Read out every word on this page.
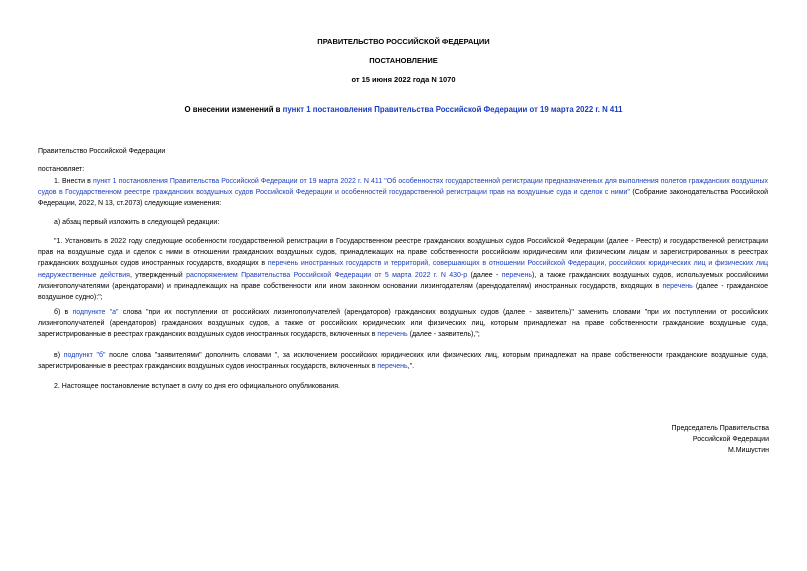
ПРАВИТЕЛЬСТВО РОССИЙСКОЙ ФЕДЕРАЦИИ
ПОСТАНОВЛЕНИЕ
от 15 июня 2022 года N 1070
О внесении изменений в пункт 1 постановления Правительства Российской Федерации от 19 марта 2022 г. N 411
Правительство Российской Федерации
постановляет:
1. Внести в пункт 1 постановления Правительства Российской Федерации от 19 марта 2022 г. N 411 "Об особенностях государственной регистрации предназначенных для выполнения полетов гражданских воздушных судов в Государственном реестре гражданских воздушных судов Российской Федерации и особенностей государственной регистрации прав на воздушные суда и сделок с ними" (Собрание законодательства Российской Федерации, 2022, N 13, ст.2073) следующие изменения:
а) абзац первый изложить в следующей редакции:
"1. Установить в 2022 году следующие особенности государственной регистрации в Государственном реестре гражданских воздушных судов Российской Федерации (далее - Реестр) и государственной регистрации прав на воздушные суда и сделок с ними в отношении гражданских воздушных судов, принадлежащих на праве собственности российским юридическим или физическим лицам и зарегистрированных в реестрах гражданских воздушных судов иностранных государств, входящих в перечень иностранных государств и территорий, совершающих в отношении Российской Федерации, российских юридических лиц и физических лиц недружественные действия, утвержденный распоряжением Правительства Российской Федерации от 5 марта 2022 г. N 430-р (далее - перечень), а также гражданских воздушных судов, используемых российскими лизингополучателями (арендаторами) и принадлежащих на праве собственности или ином законном основании лизингодателям (арендодателям) иностранных государств, входящих в перечень (далее - гражданское воздушное судно):";
б) в подпункте "а" слова "при их поступлении от российских лизингополучателей (арендаторов) гражданских воздушных судов (далее - заявитель)" заменить словами "при их поступлении от российских лизингополучателей (арендаторов) гражданских воздушных судов, а также от российских юридических или физических лиц, которым принадлежат на праве собственности гражданские воздушные суда, зарегистрированные в реестрах гражданских воздушных судов иностранных государств, включенных в перечень (далее - заявитель),";
в) подпункт "б" после слова "заявителями" дополнить словами ", за исключением российских юридических или физических лиц, которым принадлежат на праве собственности гражданские воздушные суда, зарегистрированные в реестрах гражданских воздушных судов иностранных государств, включенных в перечень,".
2. Настоящее постановление вступает в силу со дня его официального опубликования.
Председатель Правительства
Российской Федерации
М.Мишустин
